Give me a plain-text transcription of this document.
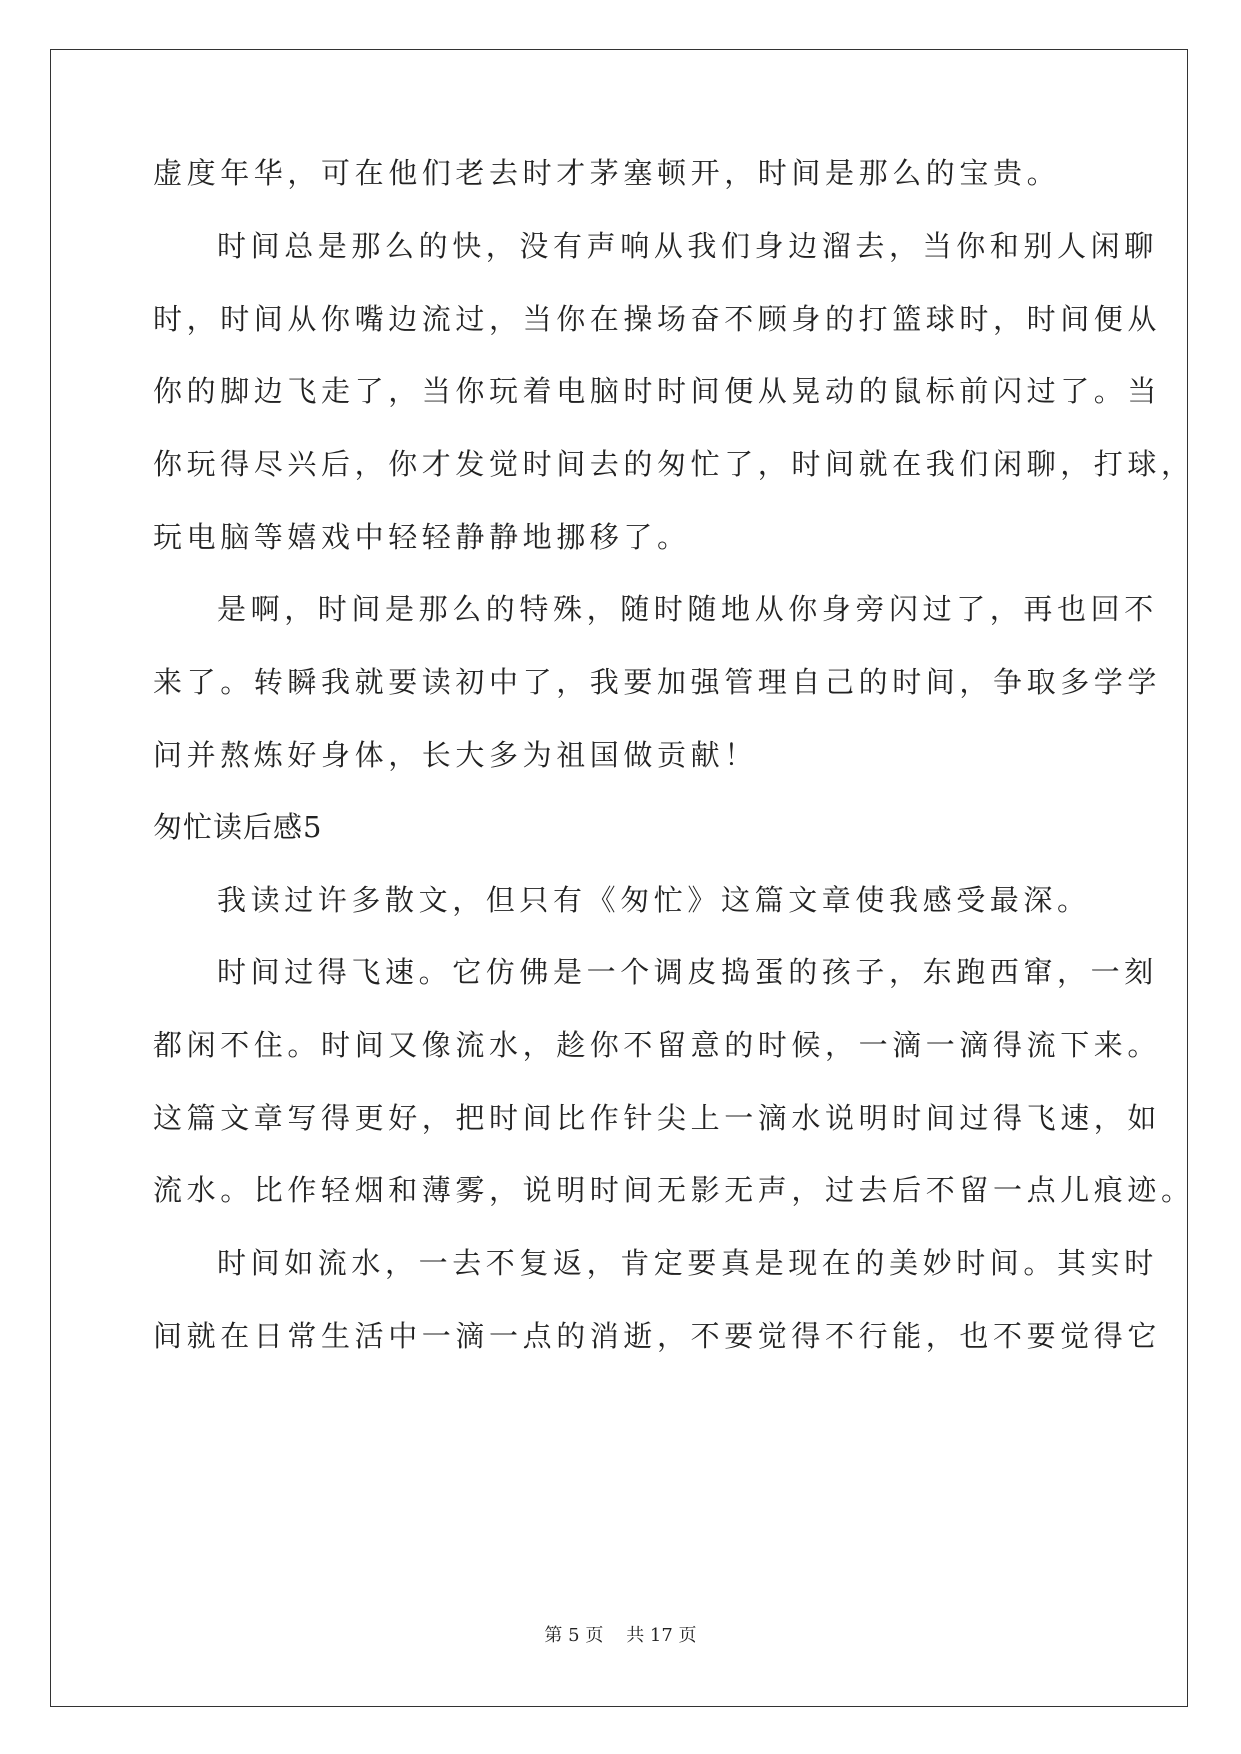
虚度年华，可在他们老去时才茅塞顿开，时间是那么的宝贵。
时间总是那么的快，没有声响从我们身边溜去，当你和别人闲聊
时，时间从你嘴边流过，当你在操场奋不顾身的打篮球时，时间便从
你的脚边飞走了，当你玩着电脑时时间便从晃动的鼠标前闪过了。当
你玩得尽兴后，你才发觉时间去的匆忙了，时间就在我们闲聊，打球，
玩电脑等嬉戏中轻轻静静地挪移了。
是啊，时间是那么的特殊，随时随地从你身旁闪过了，再也回不
来了。转瞬我就要读初中了，我要加强管理自己的时间，争取多学学
问并熬炼好身体，长大多为祖国做贡献！
匆忙读后感5
我读过许多散文，但只有《匆忙》这篇文章使我感受最深。
时间过得飞速。它仿佛是一个调皮捣蛋的孩子，东跑西窜，一刻
都闲不住。时间又像流水，趁你不留意的时候，一滴一滴得流下来。
这篇文章写得更好，把时间比作针尖上一滴水说明时间过得飞速，如
流水。比作轻烟和薄雾，说明时间无影无声，过去后不留一点儿痕迹。
时间如流水，一去不复返，肯定要真是现在的美妙时间。其实时
间就在日常生活中一滴一点的消逝，不要觉得不行能，也不要觉得它
第 5 页    共 17 页
